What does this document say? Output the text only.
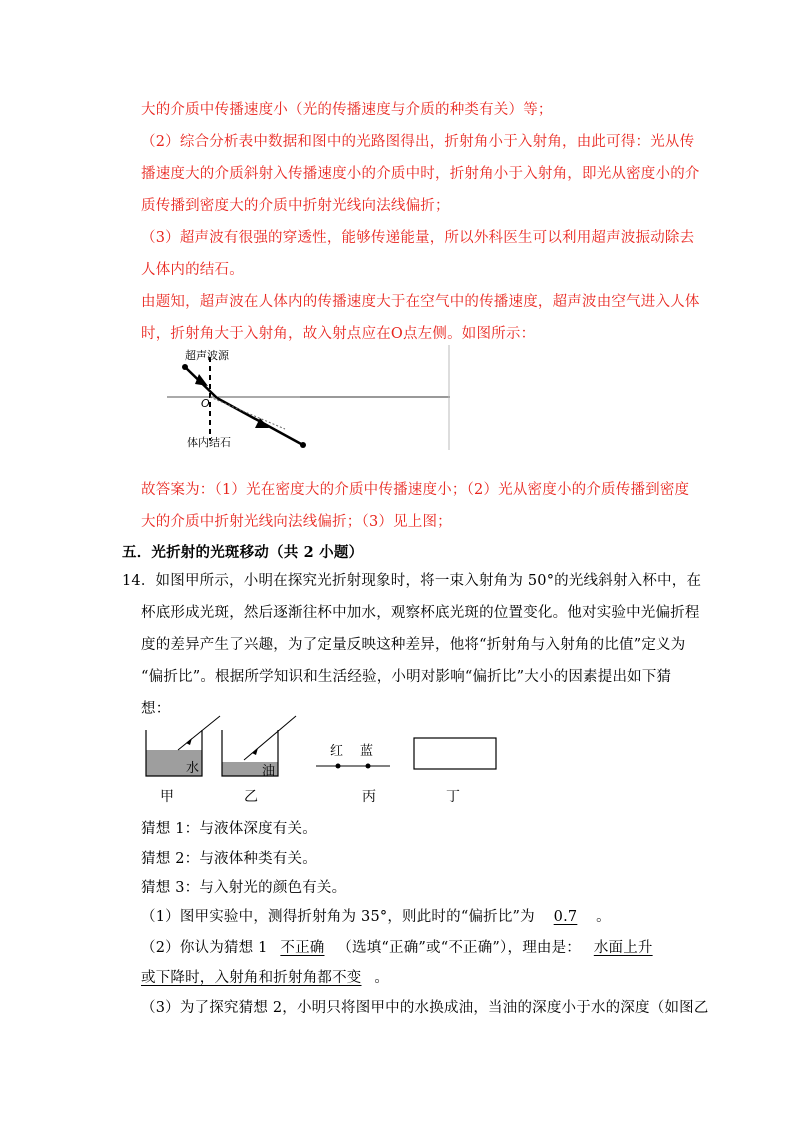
大的介质中传播速度小（光的传播速度与介质的种类有关）等；
（2）综合分析表中数据和图中的光路图得出，折射角小于入射角，由此可得：光从传
播速度大的介质斜射入传播速度小的介质中时，折射角小于入射角，即光从密度小的介
质传播到密度大的介质中折射光线向法线偏折；
（3）超声波有很强的穿透性，能够传递能量，所以外科医生可以利用超声波振动除去
人体内的结石。
由题知，超声波在人体内的传播速度大于在空气中的传播速度，超声波由空气进入人体
时，折射角大于入射角，故入射点应在O点左侧。如图所示：
超声波源
O
体内结石
故答案为：（1）光在密度大的介质中传播速度小；（2）光从密度小的介质传播到密度
大的介质中折射光线向法线偏折；（3）见上图；
五．光折射的光斑移动（共 2 小题）
14．如图甲所示，小明在探究光折射现象时，将一束入射角为 50°的光线斜射入杯中，在
杯底形成光斑，然后逐渐往杯中加水，观察杯底光斑的位置变化。他对实验中光偏折程
度的差异产生了兴趣，为了定量反映这种差异，他将“折射角与入射角的比值”定义为
“偏折比”。根据所学知识和生活经验，小明对影响“偏折比”大小的因素提出如下猜
想：
水	油
红 蓝
甲	乙	丙	丁
猜想 1：与液体深度有关。
猜想 2：与液体种类有关。
猜想 3：与入射光的颜色有关。
（1）图甲实验中，测得折射角为 35°，则此时的“偏折比”为 0.7 。
（2）你认为猜想 1 不正确 （选填“正确”或“不正确”），理由是： 水面上升
或下降时，入射角和折射角都不变 。
（3）为了探究猜想 2，小明只将图甲中的水换成油，当油的深度小于水的深度（如图乙
